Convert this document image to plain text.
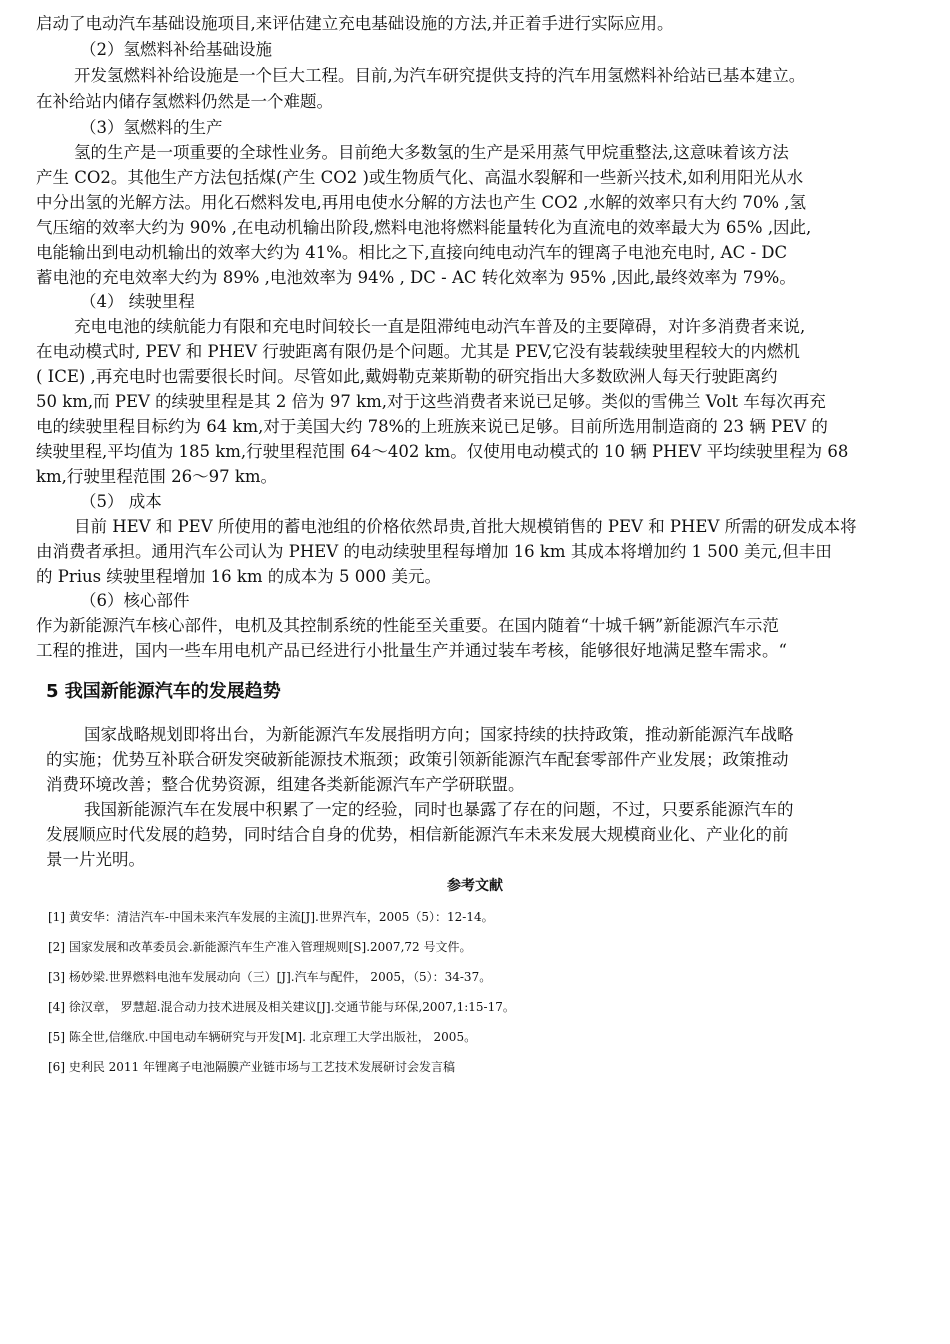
启动了电动汽车基础设施项目,来评估建立充电基础设施的方法,并正着手进行实际应用。
（2）氢燃料补给基础设施
开发氢燃料补给设施是一个巨大工程。目前,为汽车研究提供支持的汽车用氢燃料补给站已基本建立。
在补给站内储存氢燃料仍然是一个难题。
（3）氢燃料的生产
氢的生产是一项重要的全球性业务。目前绝大多数氢的生产是采用蒸气甲烷重整法,这意味着该方法
产生 CO2。其他生产方法包括煤(产生 CO2 )或生物质气化、高温水裂解和一些新兴技术,如利用阳光从水
中分出氢的光解方法。用化石燃料发电,再用电使水分解的方法也产生 CO2 ,水解的效率只有大约 70% ,氢
气压缩的效率大约为 90% ,在电动机输出阶段,燃料电池将燃料能量转化为直流电的效率最大为 65% ,因此,
电能输出到电动机输出的效率大约为 41%。相比之下,直接向纯电动汽车的锂离子电池充电时, AC - DC
蓄电池的充电效率大约为 89% ,电池效率为 94% , DC - AC 转化效率为 95% ,因此,最终效率为 79%。
（4） 续驶里程
充电电池的续航能力有限和充电时间较长一直是阻滞纯电动汽车普及的主要障碍，对许多消费者来说,
在电动模式时, PEV 和 PHEV 行驶距离有限仍是个问题。尤其是 PEV,它没有装载续驶里程较大的内燃机
( ICE) ,再充电时也需要很长时间。尽管如此,戴姆勒克莱斯勒的研究指出大多数欧洲人每天行驶距离约
50 km,而 PEV 的续驶里程是其 2 倍为 97 km,对于这些消费者来说已足够。类似的雪佛兰 Volt 车每次再充
电的续驶里程目标约为 64 km,对于美国大约 78%的上班族来说已足够。目前所选用制造商的 23 辆 PEV 的
续驶里程,平均值为 185 km,行驶里程范围 64～402 km。仅使用电动模式的 10 辆 PHEV 平均续驶里程为 68
km,行驶里程范围 26～97 km。
（5） 成本
目前 HEV 和 PEV 所使用的蓄电池组的价格依然昂贵,首批大规模销售的 PEV 和 PHEV 所需的研发成本将
由消费者承担。通用汽车公司认为 PHEV 的电动续驶里程每增加 16 km 其成本将增加约 1 500 美元,但丰田
的 Prius 续驶里程增加 16 km 的成本为 5 000 美元。
（6）核心部件
作为新能源汽车核心部件，电机及其控制系统的性能至关重要。在国内随着“十城千辆”新能源汽车示范
工程的推进，国内一些车用电机产品已经进行小批量生产并通过装车考核，能够很好地满足整车需求。“
5 我国新能源汽车的发展趋势
国家战略规划即将出台，为新能源汽车发展指明方向；国家持续的扶持政策，推动新能源汽车战略
的实施；优势互补联合研发突破新能源技术瓶颈；政策引领新能源汽车配套零部件产业发展；政策推动
消费环境改善；整合优势资源，组建各类新能源汽车产学研联盟。
我国新能源汽车在发展中积累了一定的经验，同时也暴露了存在的问题，不过，只要系能源汽车的
发展顺应时代发展的趋势，同时结合自身的优势，相信新能源汽车未来发展大规模商业化、产业化的前
景一片光明。
参考文献
[1] 黄安华：清洁汽车-中国未来汽车发展的主流[J].世界汽车，2005（5）：12-14。
[2] 国家发展和改革委员会.新能源汽车生产准入管理规则[S].2007,72 号文件。
[3] 杨妙梁.世界燃料电池车发展动向（三）[J].汽车与配件， 2005，（5）：34-37。
[4] 徐汉章， 罗慧超.混合动力技术进展及相关建议[J].交通节能与环保,2007,1:15-17。
[5] 陈全世,信继欣.中国电动车辆研究与开发[M]. 北京理工大学出版社， 2005。
[6] 史利民 2011 年锂离子电池隔膜产业链市场与工艺技术发展研讨会发言稿
